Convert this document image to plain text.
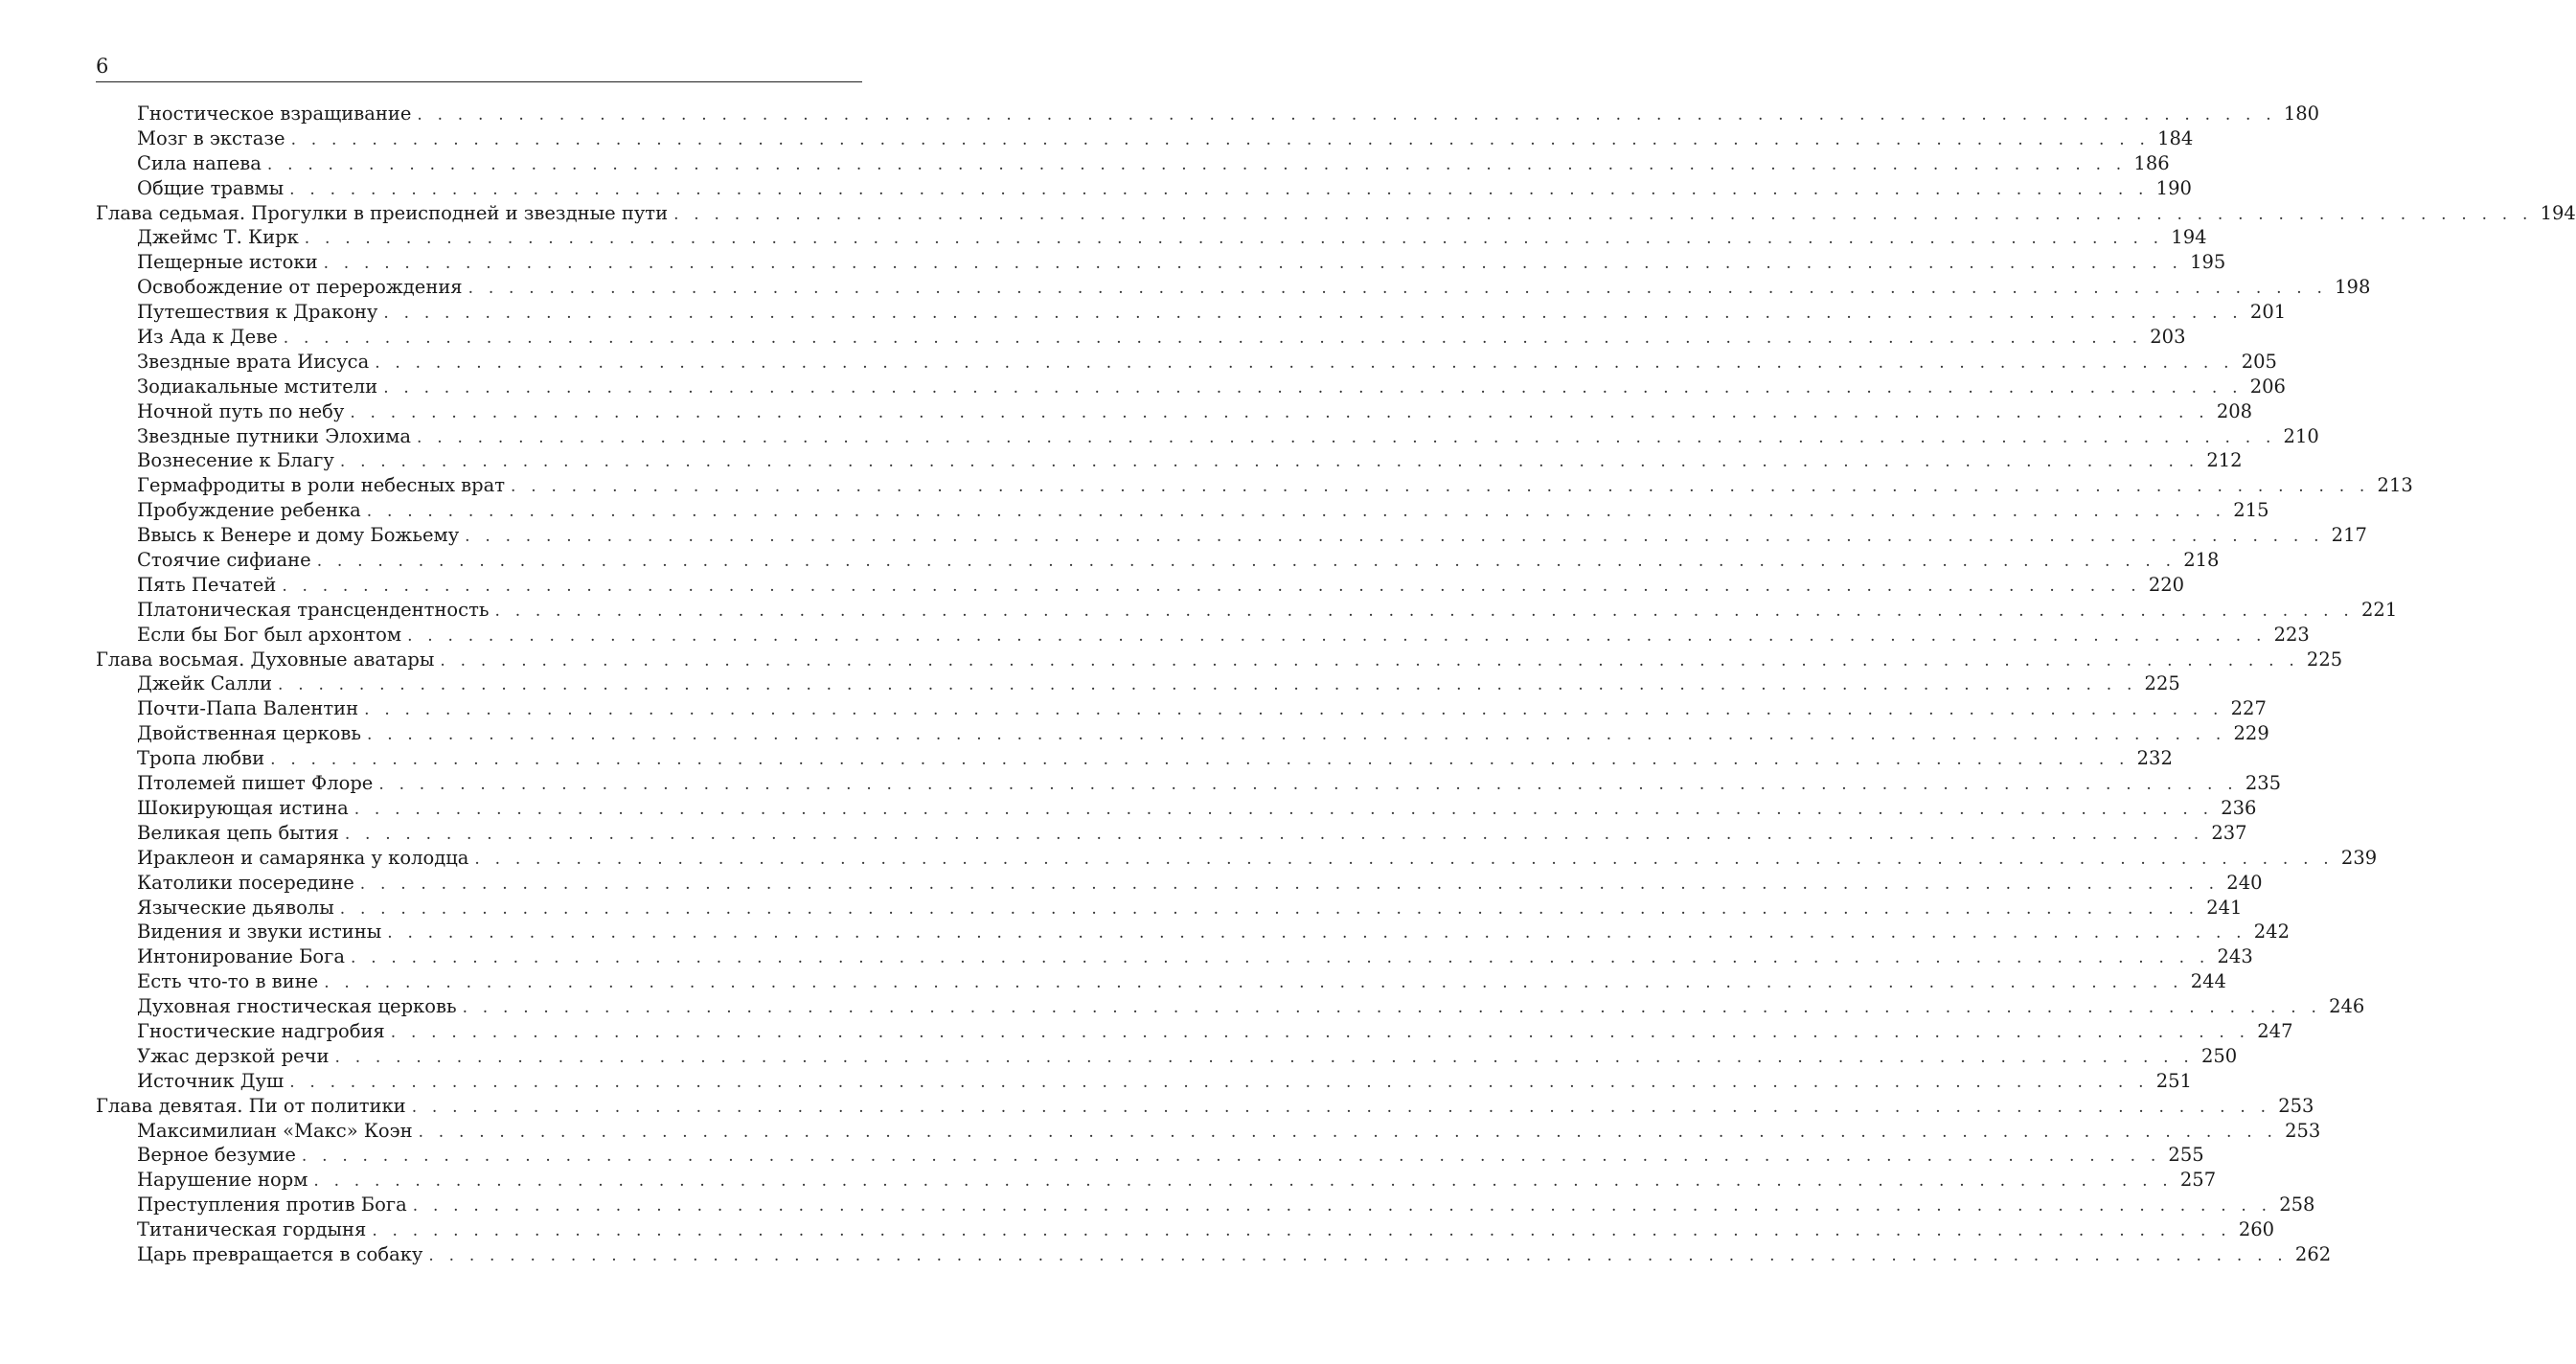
6
Гностическое взращивание . . . . . . . . . . . . . . . . . . . . . . . . . . . . . . . . . . . . . . . . . . . . . . . . . . . . . . . . . . . . . . . . . . . . . . . . . . . . . . . . . . . . . . . . . . . . 180
Мозг в экстазе . . . . . . . . . . . . . . . . . . . . . . . . . . . . . . . . . . . . . . . . . . . . . . . . . . . . . . . . . . . . . . . . . . . . . . . . . . . . . . . . . . . . . . . . . . . . 184
Сила напева . . . . . . . . . . . . . . . . . . . . . . . . . . . . . . . . . . . . . . . . . . . . . . . . . . . . . . . . . . . . . . . . . . . . . . . . . . . . . . . . . . . . . . . . . . . . 186
Общие травмы . . . . . . . . . . . . . . . . . . . . . . . . . . . . . . . . . . . . . . . . . . . . . . . . . . . . . . . . . . . . . . . . . . . . . . . . . . . . . . . . . . . . . . . . . . . . 190
Глава седьмая. Прогулки в преисподней и звездные пути . . . . . . . . . . . . . . . . . . . . . . . . . . . . . . . . . . . . . . . . . . . . . . . . . . . . . . . . . . . . . . . . . . . . . . . . . . . . . . . . . . . . . . . . . . . . 194
Джеймс Т. Кирк . . . . . . . . . . . . . . . . . . . . . . . . . . . . . . . . . . . . . . . . . . . . . . . . . . . . . . . . . . . . . . . . . . . . . . . . . . . . . . . . . . . . . . . . . . . . 194
Пещерные истоки . . . . . . . . . . . . . . . . . . . . . . . . . . . . . . . . . . . . . . . . . . . . . . . . . . . . . . . . . . . . . . . . . . . . . . . . . . . . . . . . . . . . . . . . . . . . 195
Освобождение от перерождения . . . . . . . . . . . . . . . . . . . . . . . . . . . . . . . . . . . . . . . . . . . . . . . . . . . . . . . . . . . . . . . . . . . . . . . . . . . . . . . . . . . . . . . . . . . . 198
Путешествия к Дракону . . . . . . . . . . . . . . . . . . . . . . . . . . . . . . . . . . . . . . . . . . . . . . . . . . . . . . . . . . . . . . . . . . . . . . . . . . . . . . . . . . . . . . . . . . . . 201
Из Ада к Деве . . . . . . . . . . . . . . . . . . . . . . . . . . . . . . . . . . . . . . . . . . . . . . . . . . . . . . . . . . . . . . . . . . . . . . . . . . . . . . . . . . . . . . . . . . . . 203
Звездные врата Иисуса . . . . . . . . . . . . . . . . . . . . . . . . . . . . . . . . . . . . . . . . . . . . . . . . . . . . . . . . . . . . . . . . . . . . . . . . . . . . . . . . . . . . . . . . . . . . 205
Зодиакальные мстители . . . . . . . . . . . . . . . . . . . . . . . . . . . . . . . . . . . . . . . . . . . . . . . . . . . . . . . . . . . . . . . . . . . . . . . . . . . . . . . . . . . . . . . . . . . . 206
Ночной путь по небу . . . . . . . . . . . . . . . . . . . . . . . . . . . . . . . . . . . . . . . . . . . . . . . . . . . . . . . . . . . . . . . . . . . . . . . . . . . . . . . . . . . . . . . . . . . . 208
Звездные путники Элохима . . . . . . . . . . . . . . . . . . . . . . . . . . . . . . . . . . . . . . . . . . . . . . . . . . . . . . . . . . . . . . . . . . . . . . . . . . . . . . . . . . . . . . . . . . . . 210
Вознесение к Благу . . . . . . . . . . . . . . . . . . . . . . . . . . . . . . . . . . . . . . . . . . . . . . . . . . . . . . . . . . . . . . . . . . . . . . . . . . . . . . . . . . . . . . . . . . . . 212
Гермафродиты в роли небесных врат . . . . . . . . . . . . . . . . . . . . . . . . . . . . . . . . . . . . . . . . . . . . . . . . . . . . . . . . . . . . . . . . . . . . . . . . . . . . . . . . . . . . . . . . . . . . 213
Пробуждение ребенка . . . . . . . . . . . . . . . . . . . . . . . . . . . . . . . . . . . . . . . . . . . . . . . . . . . . . . . . . . . . . . . . . . . . . . . . . . . . . . . . . . . . . . . . . . . . 215
Ввысь к Венере и дому Божьему . . . . . . . . . . . . . . . . . . . . . . . . . . . . . . . . . . . . . . . . . . . . . . . . . . . . . . . . . . . . . . . . . . . . . . . . . . . . . . . . . . . . . . . . . . . . 217
Стоячие сифиане . . . . . . . . . . . . . . . . . . . . . . . . . . . . . . . . . . . . . . . . . . . . . . . . . . . . . . . . . . . . . . . . . . . . . . . . . . . . . . . . . . . . . . . . . . . . 218
Пять Печатей . . . . . . . . . . . . . . . . . . . . . . . . . . . . . . . . . . . . . . . . . . . . . . . . . . . . . . . . . . . . . . . . . . . . . . . . . . . . . . . . . . . . . . . . . . . . 220
Платоническая трансцендентность . . . . . . . . . . . . . . . . . . . . . . . . . . . . . . . . . . . . . . . . . . . . . . . . . . . . . . . . . . . . . . . . . . . . . . . . . . . . . . . . . . . . . . . . . . . . 221
Если бы Бог был архонтом . . . . . . . . . . . . . . . . . . . . . . . . . . . . . . . . . . . . . . . . . . . . . . . . . . . . . . . . . . . . . . . . . . . . . . . . . . . . . . . . . . . . . . . . . . . . 223
Глава восьмая. Духовные аватары . . . . . . . . . . . . . . . . . . . . . . . . . . . . . . . . . . . . . . . . . . . . . . . . . . . . . . . . . . . . . . . . . . . . . . . . . . . . . . . . . . . . . . . . . . . . 225
Джейк Салли . . . . . . . . . . . . . . . . . . . . . . . . . . . . . . . . . . . . . . . . . . . . . . . . . . . . . . . . . . . . . . . . . . . . . . . . . . . . . . . . . . . . . . . . . . . . 225
Почти-Папа Валентин . . . . . . . . . . . . . . . . . . . . . . . . . . . . . . . . . . . . . . . . . . . . . . . . . . . . . . . . . . . . . . . . . . . . . . . . . . . . . . . . . . . . . . . . . . . . 227
Двойственная церковь . . . . . . . . . . . . . . . . . . . . . . . . . . . . . . . . . . . . . . . . . . . . . . . . . . . . . . . . . . . . . . . . . . . . . . . . . . . . . . . . . . . . . . . . . . . . 229
Тропа любви . . . . . . . . . . . . . . . . . . . . . . . . . . . . . . . . . . . . . . . . . . . . . . . . . . . . . . . . . . . . . . . . . . . . . . . . . . . . . . . . . . . . . . . . . . . . 232
Птолемей пишет Флоре . . . . . . . . . . . . . . . . . . . . . . . . . . . . . . . . . . . . . . . . . . . . . . . . . . . . . . . . . . . . . . . . . . . . . . . . . . . . . . . . . . . . . . . . . . . . 235
Шокирующая истина . . . . . . . . . . . . . . . . . . . . . . . . . . . . . . . . . . . . . . . . . . . . . . . . . . . . . . . . . . . . . . . . . . . . . . . . . . . . . . . . . . . . . . . . . . . . 236
Великая цепь бытия . . . . . . . . . . . . . . . . . . . . . . . . . . . . . . . . . . . . . . . . . . . . . . . . . . . . . . . . . . . . . . . . . . . . . . . . . . . . . . . . . . . . . . . . . . . . 237
Ираклеон и самарянка у колодца . . . . . . . . . . . . . . . . . . . . . . . . . . . . . . . . . . . . . . . . . . . . . . . . . . . . . . . . . . . . . . . . . . . . . . . . . . . . . . . . . . . . . . . . . . . . 239
Католики посередине . . . . . . . . . . . . . . . . . . . . . . . . . . . . . . . . . . . . . . . . . . . . . . . . . . . . . . . . . . . . . . . . . . . . . . . . . . . . . . . . . . . . . . . . . . . . 240
Языческие дьяволы . . . . . . . . . . . . . . . . . . . . . . . . . . . . . . . . . . . . . . . . . . . . . . . . . . . . . . . . . . . . . . . . . . . . . . . . . . . . . . . . . . . . . . . . . . . . 241
Видения и звуки истины . . . . . . . . . . . . . . . . . . . . . . . . . . . . . . . . . . . . . . . . . . . . . . . . . . . . . . . . . . . . . . . . . . . . . . . . . . . . . . . . . . . . . . . . . . . . 242
Интонирование Бога . . . . . . . . . . . . . . . . . . . . . . . . . . . . . . . . . . . . . . . . . . . . . . . . . . . . . . . . . . . . . . . . . . . . . . . . . . . . . . . . . . . . . . . . . . . . 243
Есть что-то в вине . . . . . . . . . . . . . . . . . . . . . . . . . . . . . . . . . . . . . . . . . . . . . . . . . . . . . . . . . . . . . . . . . . . . . . . . . . . . . . . . . . . . . . . . . . . . 244
Духовная гностическая церковь . . . . . . . . . . . . . . . . . . . . . . . . . . . . . . . . . . . . . . . . . . . . . . . . . . . . . . . . . . . . . . . . . . . . . . . . . . . . . . . . . . . . . . . . . . . . 246
Гностические надгробия . . . . . . . . . . . . . . . . . . . . . . . . . . . . . . . . . . . . . . . . . . . . . . . . . . . . . . . . . . . . . . . . . . . . . . . . . . . . . . . . . . . . . . . . . . . . 247
Ужас дерзкой речи . . . . . . . . . . . . . . . . . . . . . . . . . . . . . . . . . . . . . . . . . . . . . . . . . . . . . . . . . . . . . . . . . . . . . . . . . . . . . . . . . . . . . . . . . . . . 250
Источник Душ . . . . . . . . . . . . . . . . . . . . . . . . . . . . . . . . . . . . . . . . . . . . . . . . . . . . . . . . . . . . . . . . . . . . . . . . . . . . . . . . . . . . . . . . . . . . 251
Глава девятая. Пи от политики . . . . . . . . . . . . . . . . . . . . . . . . . . . . . . . . . . . . . . . . . . . . . . . . . . . . . . . . . . . . . . . . . . . . . . . . . . . . . . . . . . . . . . . . . . . . 253
Максимилиан «Макс» Коэн . . . . . . . . . . . . . . . . . . . . . . . . . . . . . . . . . . . . . . . . . . . . . . . . . . . . . . . . . . . . . . . . . . . . . . . . . . . . . . . . . . . . . . . . . . . . 253
Верное безумие . . . . . . . . . . . . . . . . . . . . . . . . . . . . . . . . . . . . . . . . . . . . . . . . . . . . . . . . . . . . . . . . . . . . . . . . . . . . . . . . . . . . . . . . . . . . 255
Нарушение норм . . . . . . . . . . . . . . . . . . . . . . . . . . . . . . . . . . . . . . . . . . . . . . . . . . . . . . . . . . . . . . . . . . . . . . . . . . . . . . . . . . . . . . . . . . . . 257
Преступления против Бога . . . . . . . . . . . . . . . . . . . . . . . . . . . . . . . . . . . . . . . . . . . . . . . . . . . . . . . . . . . . . . . . . . . . . . . . . . . . . . . . . . . . . . . . . . . . 258
Титаническая гордыня . . . . . . . . . . . . . . . . . . . . . . . . . . . . . . . . . . . . . . . . . . . . . . . . . . . . . . . . . . . . . . . . . . . . . . . . . . . . . . . . . . . . . . . . . . . . 260
Царь превращается в собаку . . . . . . . . . . . . . . . . . . . . . . . . . . . . . . . . . . . . . . . . . . . . . . . . . . . . . . . . . . . . . . . . . . . . . . . . . . . . . . . . . . . . . . . . . . . . 262
